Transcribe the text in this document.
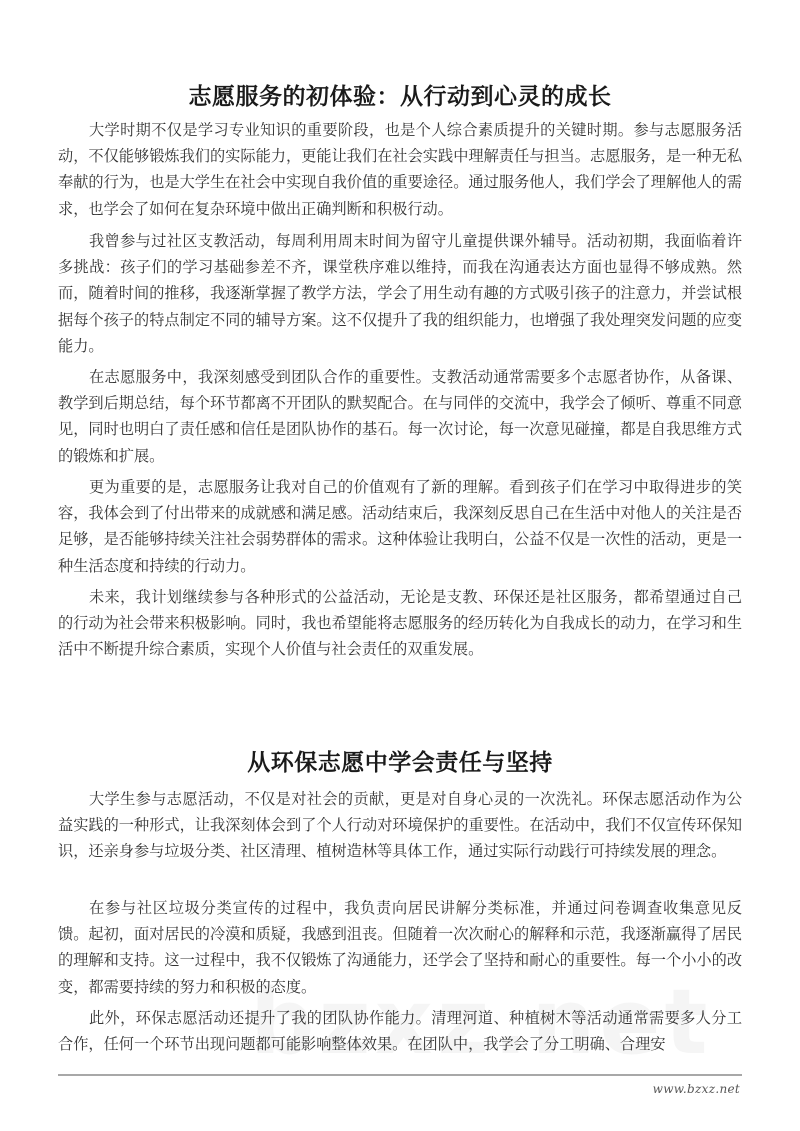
志愿服务的初体验：从行动到心灵的成长

大学时期不仅是学习专业知识的重要阶段，也是个人综合素质提升的关键时期。参与志愿服务活动，不仅能够锻炼我们的实际能力，更能让我们在社会实践中理解责任与担当。志愿服务，是一种无私奉献的行为，也是大学生在社会中实现自我价值的重要途径。通过服务他人，我们学会了理解他人的需求，也学会了如何在复杂环境中做出正确判断和积极行动。

我曾参与过社区支教活动，每周利用周末时间为留守儿童提供课外辅导。活动初期，我面临着许多挑战：孩子们的学习基础参差不齐，课堂秩序难以维持，而我在沟通表达方面也显得不够成熟。然而，随着时间的推移，我逐渐掌握了教学方法，学会了用生动有趣的方式吸引孩子的注意力，并尝试根据每个孩子的特点制定不同的辅导方案。这不仅提升了我的组织能力，也增强了我处理突发问题的应变能力。

在志愿服务中，我深刻感受到团队合作的重要性。支教活动通常需要多个志愿者协作，从备课、教学到后期总结，每个环节都离不开团队的默契配合。在与同伴的交流中，我学会了倾听、尊重不同意见，同时也明白了责任感和信任是团队协作的基石。每一次讨论，每一次意见碰撞，都是自我思维方式的锻炼和扩展。

更为重要的是，志愿服务让我对自己的价值观有了新的理解。看到孩子们在学习中取得进步的笑容，我体会到了付出带来的成就感和满足感。活动结束后，我深刻反思自己在生活中对他人的关注是否足够，是否能够持续关注社会弱势群体的需求。这种体验让我明白，公益不仅是一次性的活动，更是一种生活态度和持续的行动力。

未来，我计划继续参与各种形式的公益活动，无论是支教、环保还是社区服务，都希望通过自己的行动为社会带来积极影响。同时，我也希望能将志愿服务的经历转化为自我成长的动力，在学习和生活中不断提升综合素质，实现个人价值与社会责任的双重发展。

从环保志愿中学会责任与坚持

大学生参与志愿活动，不仅是对社会的贡献，更是对自身心灵的一次洗礼。环保志愿活动作为公益实践的一种形式，让我深刻体会到了个人行动对环境保护的重要性。在活动中，我们不仅宣传环保知识，还亲身参与垃圾分类、社区清理、植树造林等具体工作，通过实际行动践行可持续发展的理念。

在参与社区垃圾分类宣传的过程中，我负责向居民讲解分类标准，并通过问卷调查收集意见反馈。起初，面对居民的冷漠和质疑，我感到沮丧。但随着一次次耐心的解释和示范，我逐渐赢得了居民的理解和支持。这一过程中，我不仅锻炼了沟通能力，还学会了坚持和耐心的重要性。每一个小小的改变，都需要持续的努力和积极的态度。

此外，环保志愿活动还提升了我的团队协作能力。清理河道、种植树木等活动通常需要多人分工合作，任何一个环节出现问题都可能影响整体效果。在团队中，我学会了分工明确、合理安

www.bzxz.net
